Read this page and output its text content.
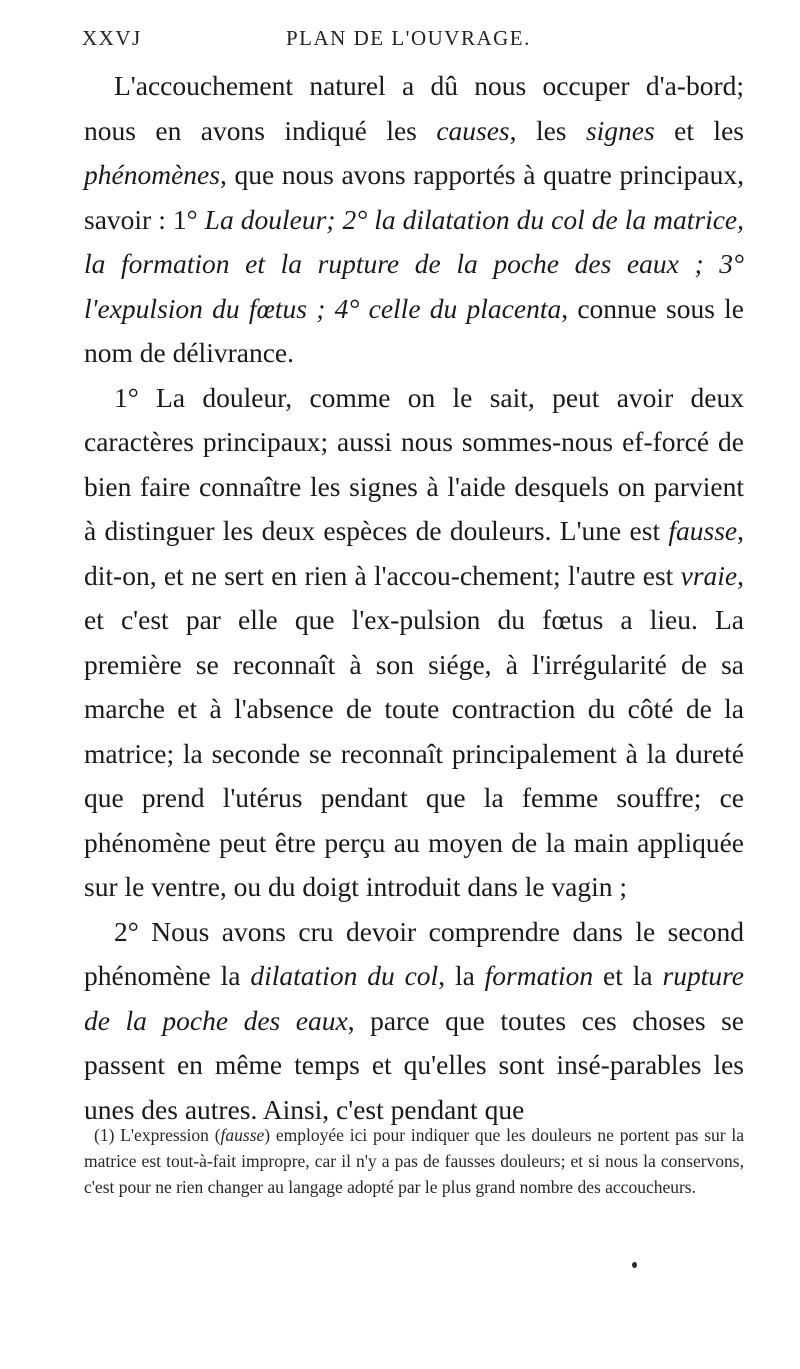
XXVJ	PLAN DE L'OUVRAGE.

L'accouchement naturel a dû nous occuper d'a-bord; nous en avons indiqué les causes, les signes et les phénomènes, que nous avons rapportés à quatre principaux, savoir : 1° La douleur; 2° la dilatation du col de la matrice, la formation et la rupture de la poche des eaux ; 3° l'expulsion du fœtus ; 4° celle du placenta, connue sous le nom de délivrance.

1° La douleur, comme on le sait, peut avoir deux caractères principaux; aussi nous sommes-nous ef-forcé de bien faire connaître les signes à l'aide desquels on parvient à distinguer les deux espèces de douleurs. L'une est fausse, dit-on, et ne sert en rien à l'accou-chement; l'autre est vraie, et c'est par elle que l'ex-pulsion du fœtus a lieu. La première se reconnaît à son siége, à l'irrégularité de sa marche et à l'absence de toute contraction du côté de la matrice; la seconde se reconnaît principalement à la dureté que prend l'utérus pendant que la femme souffre; ce phénomène peut être perçu au moyen de la main appliquée sur le ventre, ou du doigt introduit dans le vagin ;

2° Nous avons cru devoir comprendre dans le second phénomène la dilatation du col, la formation et la rupture de la poche des eaux, parce que toutes ces choses se passent en même temps et qu'elles sont insé-parables les unes des autres. Ainsi, c'est pendant que

(1) L'expression (fausse) employée ici pour indiquer que les douleurs ne portent pas sur la matrice est tout-à-fait impropre, car il n'y a pas de fausses douleurs; et si nous la conservons, c'est pour ne rien changer au langage adopté par le plus grand nombre des accoucheurs.
